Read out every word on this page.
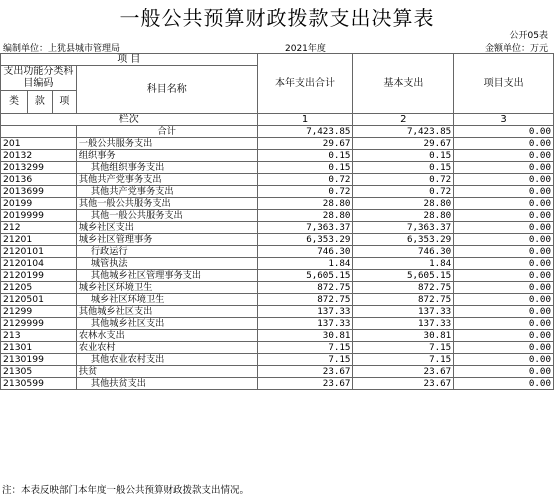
一般公共预算财政拨款支出决算表
公开05表
编制单位：上犹县城市管理局	2021年度	金额单位：万元
项 目				本年支出合计	基本支出	项目支出
支出功能分类科目编码			科目名称			
类	款	项				
栏次				1	2	3
			合计	7,423.85	7,423.85	0.00
201			一般公共服务支出	29.67	29.67	0.00
20132			组织事务	0.15	0.15	0.00
2013299			其他组织事务支出	0.15	0.15	0.00
20136			其他共产党事务支出	0.72	0.72	0.00
2013699			其他共产党事务支出	0.72	0.72	0.00
20199			其他一般公共服务支出	28.80	28.80	0.00
2019999			其他一般公共服务支出	28.80	28.80	0.00
212			城乡社区支出	7,363.37	7,363.37	0.00
21201			城乡社区管理事务	6,353.29	6,353.29	0.00
2120101			行政运行	746.30	746.30	0.00
2120104			城管执法	1.84	1.84	0.00
2120199			其他城乡社区管理事务支出	5,605.15	5,605.15	0.00
21205			城乡社区环境卫生	872.75	872.75	0.00
2120501			城乡社区环境卫生	872.75	872.75	0.00
21299			其他城乡社区支出	137.33	137.33	0.00
2129999			其他城乡社区支出	137.33	137.33	0.00
213			农林水支出	30.81	30.81	0.00
21301			农业农村	7.15	7.15	0.00
2130199			其他农业农村支出	7.15	7.15	0.00
21305			扶贫	23.67	23.67	0.00
2130599			其他扶贫支出	23.67	23.67	0.00
注：本表反映部门本年度一般公共预算财政拨款支出情况。
